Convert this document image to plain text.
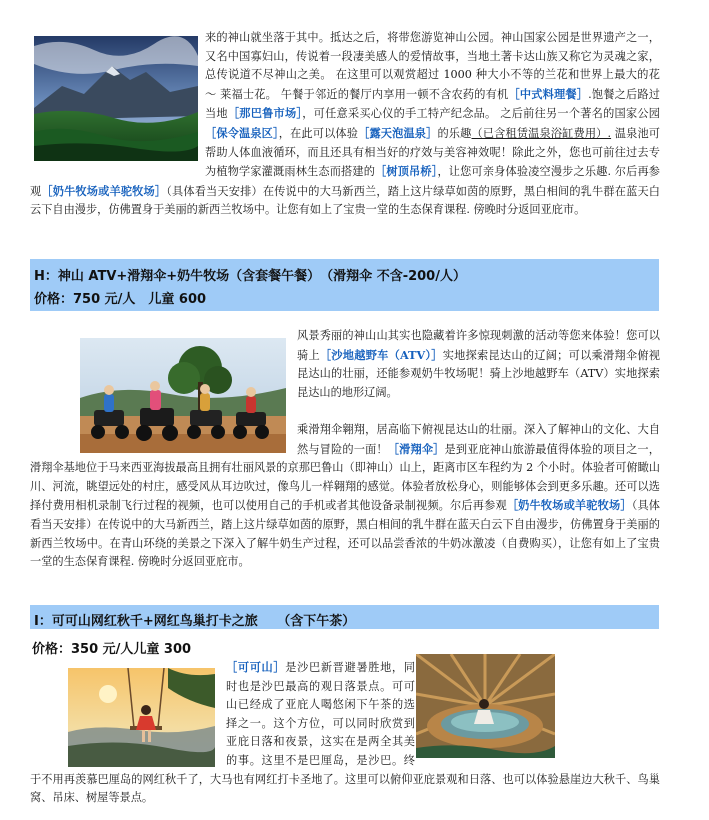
来的神山就坐落于其中。抵达之后，将带您游览神山公园。神山国家公园是世界遗产之一，又名中国寡妇山，传说着一段凄美感人的爱情故事，当地土著卡达山族又称它为灵魂之家，总传说道不尽神山之美。 在这里可以观赏超过 1000 种大小不等的兰花和世界上最大的花 ～ 莱福士花。 午餐于邻近的餐厅内享用一顿不含农药的有机［中式料理餐］.饱餐之后路过当地［那巴鲁市场］，可任意采买心仪的手工特产纪念品。 之后前往另一个著名的国家公园［保令温泉区］，在此可以体验［露天泡温泉］的乐趣（已含租赁温泉浴缸费用）. 温泉池可帮助人体血液循环，而且还具有相当好的疗效与美容神效呢！除此之外，您也可前往过去专为植物学家灌溉雨林生态而搭建的［树顶吊桥］，让您可亲身体验凌空漫步之乐趣. 尔后再参观［奶牛牧场或羊驼牧场］（具体看当天安排）在传说中的大马新西兰，踏上这片绿草如茵的原野，黑白相间的乳牛群在蓝天白云下自由漫步，仿佛置身于美丽的新西兰牧场中。让您有如上了宝贵一堂的生态保育课程. 傍晚时分返回亚庇市。

H：神山 ATV+滑翔伞+奶牛牧场（含套餐午餐）　（滑翔伞 不含-200/人）
价格：750 元/人　儿童 600

风景秀丽的神山山其实也隐藏着许多惊现刺激的活动等您来体验！您可以骑上［沙地越野车（ATV）］实地探索昆达山的辽阔；可以乘滑翔伞俯视昆达山的壮丽，还能参观奶牛牧场呢！骑上沙地越野车（ATV）实地探索昆达山的地形辽阔。

乘滑翔伞翱翔，居高临下俯视昆达山的壮丽。深入了解神山的文化、大自然与冒险的一面！［滑翔伞］是到亚庇神山旅游最值得体验的项目之一，滑翔伞基地位于马来西亚海拔最高且拥有壮丽风景的京那巴鲁山（即神山）山上，距离市区车程约为 2 个小时。体验者可俯瞰山川、河流，眺望远处的村庄，感受风从耳边吹过，像鸟儿一样翱翔的感觉。体验者放松身心，则能够体会到更多乐趣。还可以选择付费用相机录制飞行过程的视频，也可以使用自己的手机或者其他设备录制视频。尔后再参观［奶牛牧场或羊驼牧场］（具体看当天安排）在传说中的大马新西兰，踏上这片绿草如茵的原野，黑白相间的乳牛群在蓝天白云下自由漫步，仿佛置身于美丽的新西兰牧场中。在青山环绕的美景之下深入了解牛奶生产过程，还可以品尝香浓的牛奶冰激凌（自费购买），让您有如上了宝贵一堂的生态保育课程. 傍晚时分返回亚庇市。

I：可可山网红秋千+网红鸟巢打卡之旅　　（含下午茶）
价格：350 元/人儿童 300

［可可山］是沙巴新晋避暑胜地，同时也是沙巴最高的观日落景点。可可山已经成了亚庇人喝悠闲下午茶的选择之一。这个方位，可以同时欣赏到亚庇日落和夜景，这实在是两全其美的事。这里不是巴厘岛，是沙巴。终于不用再羡慕巴厘岛的网红秋千了，大马也有网红打卡圣地了。这里可以俯仰亚庇景观和日落、也可以体验悬崖边大秋千、鸟巢窝、吊床、树屋等景点。
